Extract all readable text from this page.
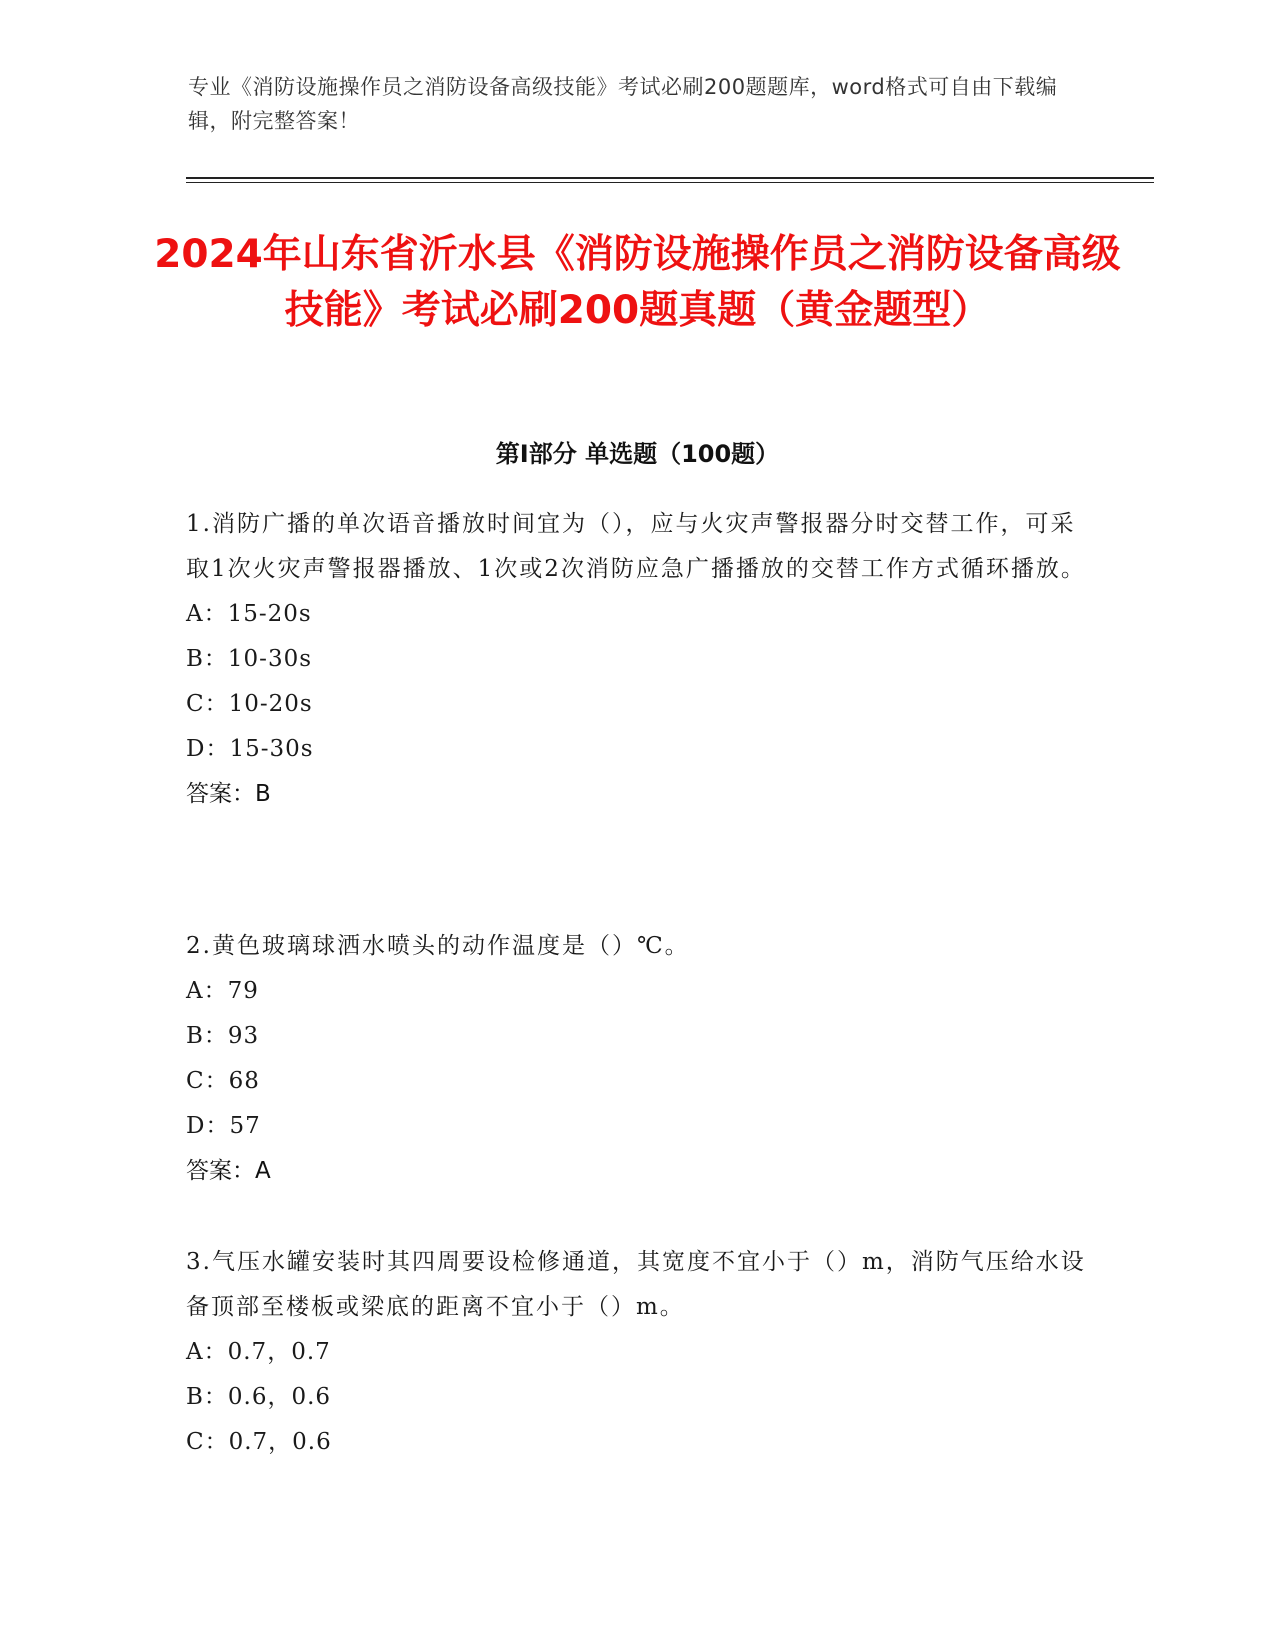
专业《消防设施操作员之消防设备高级技能》考试必刷200题题库，word格式可自由下载编辑，附完整答案！
2024年山东省沂水县《消防设施操作员之消防设备高级技能》考试必刷200题真题（黄金题型）
第I部分 单选题（100题）
1.消防广播的单次语音播放时间宜为（），应与火灾声警报器分时交替工作，可采取1次火灾声警报器播放、1次或2次消防应急广播播放的交替工作方式循环播放。
A：15-20s
B：10-30s
C：10-20s
D：15-30s
答案：B
2.黄色玻璃球洒水喷头的动作温度是（）℃。
A：79
B：93
C：68
D：57
答案：A
3.气压水罐安装时其四周要设检修通道，其宽度不宜小于（）m，消防气压给水设备顶部至楼板或梁底的距离不宜小于（）m。
A：0.7，0.7
B：0.6，0.6
C：0.7，0.6
